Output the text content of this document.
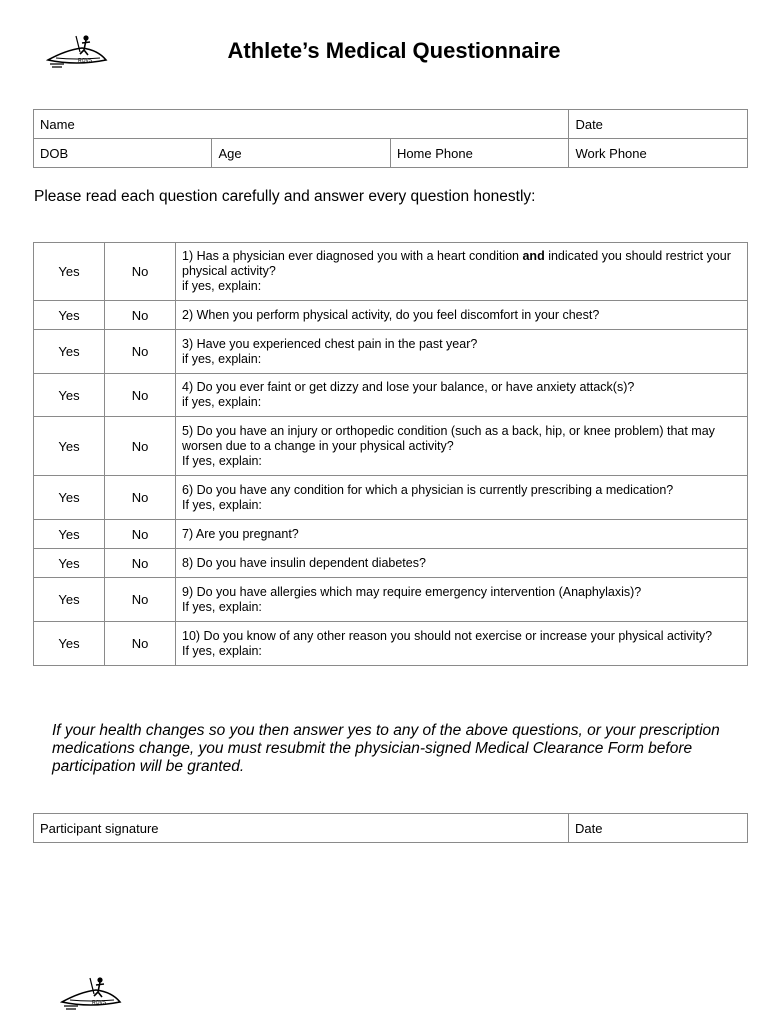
ROVS	Athlete’s Medical Questionnaire
Name			Date
DOB	Age	Home Phone	Work Phone
Please read each question carefully and answer every question honestly:
Yes	No	1) Has a physician ever diagnosed you with a heart condition and indicated you should restrict your physical activity?
if yes, explain:
Yes	No	2) When you perform physical activity, do you feel discomfort in your chest?
Yes	No	3) Have you experienced chest pain in the past year?
if yes, explain:
Yes	No	4) Do you ever faint or get dizzy and lose your balance, or have anxiety attack(s)?
if yes, explain:
Yes	No	5) Do you have an injury or orthopedic condition (such as a back, hip, or knee problem) that may worsen due to a change in your physical activity?
If yes, explain:
Yes	No	6) Do you have any condition for which a physician is currently prescribing a medication?
If yes, explain:
Yes	No	7) Are you pregnant?
Yes	No	8) Do you have insulin dependent diabetes?
Yes	No	9) Do you have allergies which may require emergency intervention (Anaphylaxis)?
If yes, explain:
Yes	No	10) Do you know of any other reason you should not exercise or increase your physical activity?
If yes, explain:
If your health changes so you then answer yes to any of the above questions, or your prescription medications change, you must resubmit the physician-signed Medical Clearance Form before participation will be granted.
Participant signature	Date
ROVS
